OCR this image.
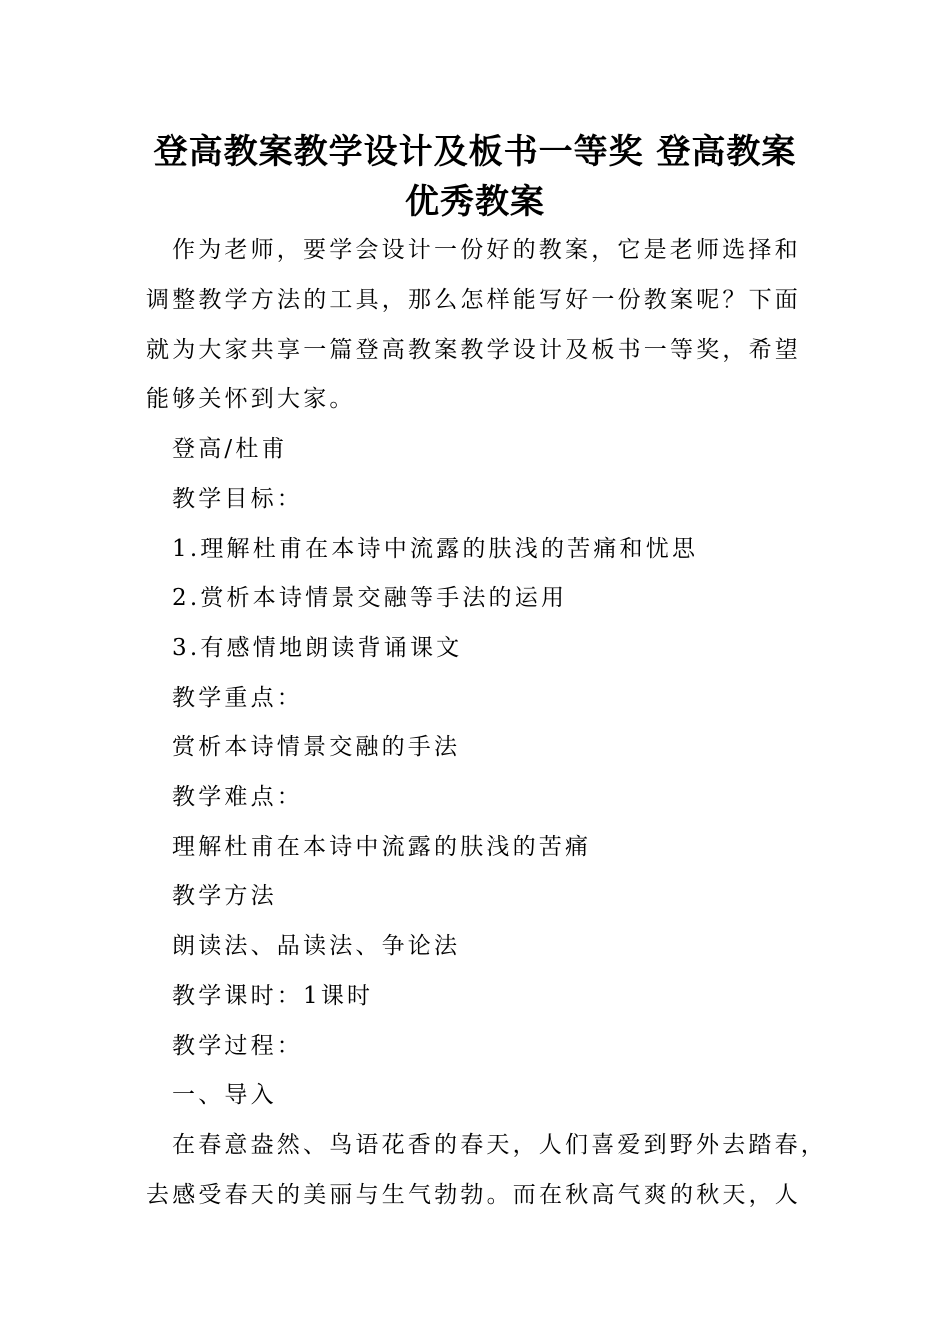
登高教案教学设计及板书一等奖 登高教案
优秀教案
作为老师，要学会设计一份好的教案，它是老师选择和
调整教学方法的工具，那么怎样能写好一份教案呢？下面
就为大家共享一篇登高教案教学设计及板书一等奖，希望
能够关怀到大家。
登高/杜甫
教学目标：
1.理解杜甫在本诗中流露的肤浅的苦痛和忧思
2.赏析本诗情景交融等手法的运用
3.有感情地朗读背诵课文
教学重点：
赏析本诗情景交融的手法
教学难点：
理解杜甫在本诗中流露的肤浅的苦痛
教学方法
朗读法、品读法、争论法
教学课时：1课时
教学过程：
一、导入
在春意盎然、鸟语花香的春天，人们喜爱到野外去踏春，
去感受春天的美丽与生气勃勃。而在秋高气爽的秋天，人
